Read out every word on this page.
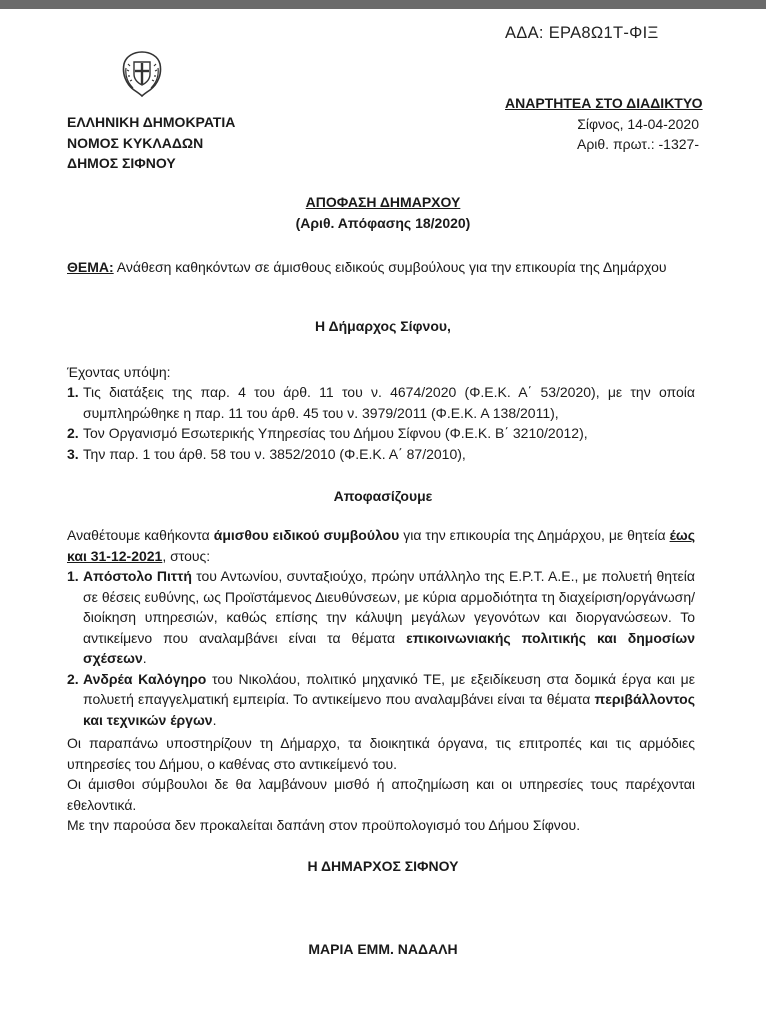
ΑΔΑ: ΕΡΑ8Ω1Τ-ΦΙΞ
ΕΛΛΗΝΙΚΗ ΔΗΜΟΚΡΑΤΙΑ
ΝΟΜΟΣ ΚΥΚΛΑΔΩΝ
ΔΗΜΟΣ ΣΙΦΝΟΥ
ΑΝΑΡΤΗΤΕΑ ΣΤΟ ΔΙΑΔΙΚΤΥΟ
Σίφνος, 14-04-2020
Αριθ. πρωτ.: -1327-
ΑΠΟΦΑΣΗ ΔΗΜΑΡΧΟΥ
(Αριθ. Απόφασης 18/2020)
ΘΕΜΑ: Ανάθεση καθηκόντων σε άμισθους ειδικούς συμβούλους για την επικουρία της Δημάρχου
Η Δήμαρχος Σίφνου,
Έχοντας υπόψη:
1. Τις διατάξεις της παρ. 4 του άρθ. 11 του ν. 4674/2020 (Φ.Ε.Κ. Α΄ 53/2020), με την οποία συμπληρώθηκε η παρ. 11 του άρθ. 45 του ν. 3979/2011 (Φ.Ε.Κ. Α 138/2011),
2. Τον Οργανισμό Εσωτερικής Υπηρεσίας του Δήμου Σίφνου (Φ.Ε.Κ. Β΄ 3210/2012),
3. Την παρ. 1 του άρθ. 58 του ν. 3852/2010 (Φ.Ε.Κ. Α΄ 87/2010),
Αποφασίζουμε
Αναθέτουμε καθήκοντα άμισθου ειδικού συμβούλου για την επικουρία της Δημάρχου, με θητεία έως και 31-12-2021, στους:
1. Απόστολο Πιττή του Αντωνίου, συνταξιούχο, πρώην υπάλληλο της Ε.Ρ.Τ. Α.Ε., με πολυετή θητεία σε θέσεις ευθύνης, ως Προϊστάμενος Διευθύνσεων, με κύρια αρμοδιότητα τη διαχείριση/οργάνωση/διοίκηση υπηρεσιών, καθώς επίσης την κάλυψη μεγάλων γεγονότων και διοργανώσεων. Το αντικείμενο που αναλαμβάνει είναι τα θέματα επικοινωνιακής πολιτικής και δημοσίων σχέσεων.
2. Ανδρέα Καλόγηρο του Νικολάου, πολιτικό μηχανικό ΤΕ, με εξειδίκευση στα δομικά έργα και με πολυετή επαγγελματική εμπειρία. Το αντικείμενο που αναλαμβάνει είναι τα θέματα περιβάλλοντος και τεχνικών έργων.
Οι παραπάνω υποστηρίζουν τη Δήμαρχο, τα διοικητικά όργανα, τις επιτροπές και τις αρμόδιες υπηρεσίες του Δήμου, ο καθένας στο αντικείμενό του.
Οι άμισθοι σύμβουλοι δε θα λαμβάνουν μισθό ή αποζημίωση και οι υπηρεσίες τους παρέχονται εθελοντικά.
Με την παρούσα δεν προκαλείται δαπάνη στον προϋπολογισμό του Δήμου Σίφνου.
Η ΔΗΜΑΡΧΟΣ ΣΙΦΝΟΥ
ΜΑΡΙΑ ΕΜΜ. ΝΑΔΑΛΗ
